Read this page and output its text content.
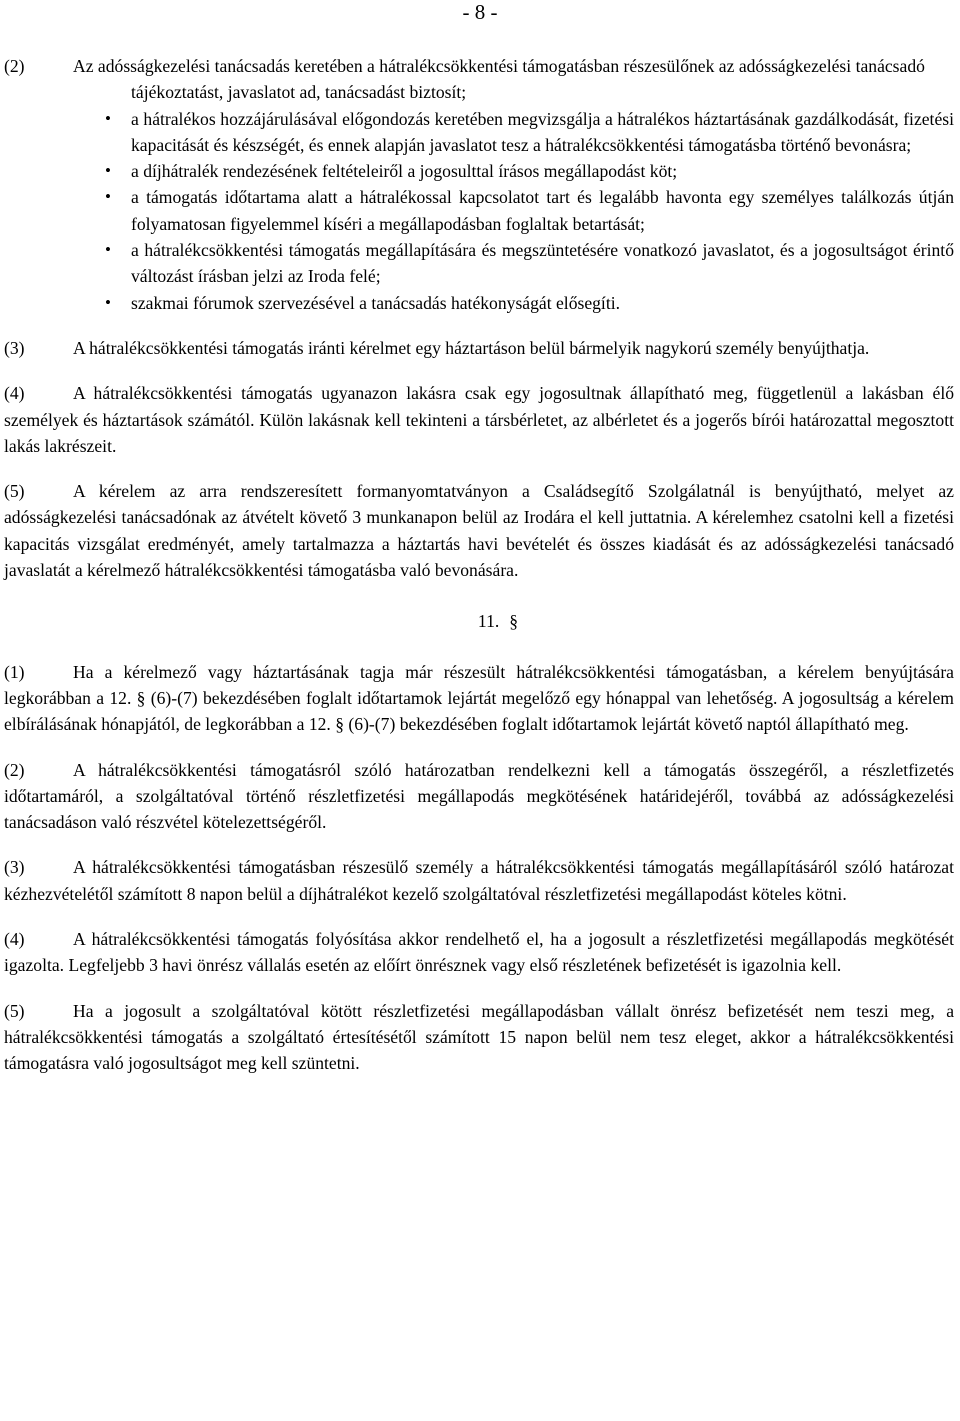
- 8 -

(2)	Az adósságkezelési tanácsadás keretében a hátralékcsökkentési támogatásban részesülőnek az adósságkezelési tanácsadó

tájékoztatást, javaslatot ad, tanácsadást biztosít;
• a hátralékos hozzájárulásával előgondozás keretében megvizsgálja a hátralékos háztartásának gazdálkodását, fizetési kapacitását és készségét, és ennek alapján javaslatot tesz a hátralékcsökkentési támogatásba történő bevonásra;
• a díjhátralék rendezésének feltételeiről a jogosulttal írásos megállapodást köt;
• a támogatás időtartama alatt a hátralékossal kapcsolatot tart és legalább havonta egy személyes találkozás útján folyamatosan figyelemmel kíséri a megállapodásban foglaltak betartását;
• a hátralékcsökkentési támogatás megállapítására és megszüntetésére vonatkozó javaslatot, és a jogosultságot érintő változást írásban jelzi az Iroda felé;
• szakmai fórumok szervezésével a tanácsadás hatékonyságát elősegíti.

(3)	A hátralékcsökkentési támogatás iránti kérelmet egy háztartáson belül bármelyik nagykorú személy benyújthatja.

(4)	A hátralékcsökkentési támogatás ugyanazon lakásra csak egy jogosultnak állapítható meg, függetlenül a lakásban élő személyek és háztartások számától. Külön lakásnak kell tekinteni a társbérletet, az albérletet és a jogerős bírói határozattal megosztott lakás lakrészeit.

(5)	A kérelem az arra rendszeresített formanyomtatványon a Családsegítő Szolgálatnál is benyújtható, melyet az adósságkezelési tanácsadónak az átvételt követő 3 munkanapon belül az Irodára el kell juttatnia. A kérelemhez csatolni kell a fizetési kapacitás vizsgálat eredményét, amely tartalmazza a háztartás havi bevételét és összes kiadását és az adósságkezelési tanácsadó javaslatát a kérelmező hátralékcsökkentési támogatásba való bevonására.

11. §

(1)	Ha a kérelmező vagy háztartásának tagja már részesült hátralékcsökkentési támogatásban, a kérelem benyújtására legkorábban a 12. § (6)-(7) bekezdésében foglalt időtartamok lejártát megelőző egy hónappal van lehetőség. A jogosultság a kérelem elbírálásának hónapjától, de legkorábban a 12. § (6)-(7) bekezdésében foglalt időtartamok lejártát követő naptól állapítható meg.

(2)	A hátralékcsökkentési támogatásról szóló határozatban rendelkezni kell a támogatás összegéről, a részletfizetés időtartamáról, a szolgáltatóval történő részletfizetési megállapodás megkötésének határidejéről, továbbá az adósságkezelési tanácsadáson való részvétel kötelezettségéről.

(3)	A hátralékcsökkentési támogatásban részesülő személy a hátralékcsökkentési támogatás megállapításáról szóló határozat kézhezvételétől számított 8 napon belül a díjhátralékot kezelő szolgáltatóval részletfizetési megállapodást köteles kötni.

(4)	A hátralékcsökkentési támogatás folyósítása akkor rendelhető el, ha a jogosult a részletfizetési megállapodás megkötését igazolta. Legfeljebb 3 havi önrész vállalás esetén az előírt önrésznek vagy első részletének befizetését is igazolnia kell.

(5)	Ha a jogosult a szolgáltatóval kötött részletfizetési megállapodásban vállalt önrész befizetését nem teszi meg, a hátralékcsökkentési támogatás a szolgáltató értesítésétől számított 15 napon belül nem tesz eleget, akkor a hátralékcsökkentési támogatásra való jogosultságot meg kell szüntetni.
